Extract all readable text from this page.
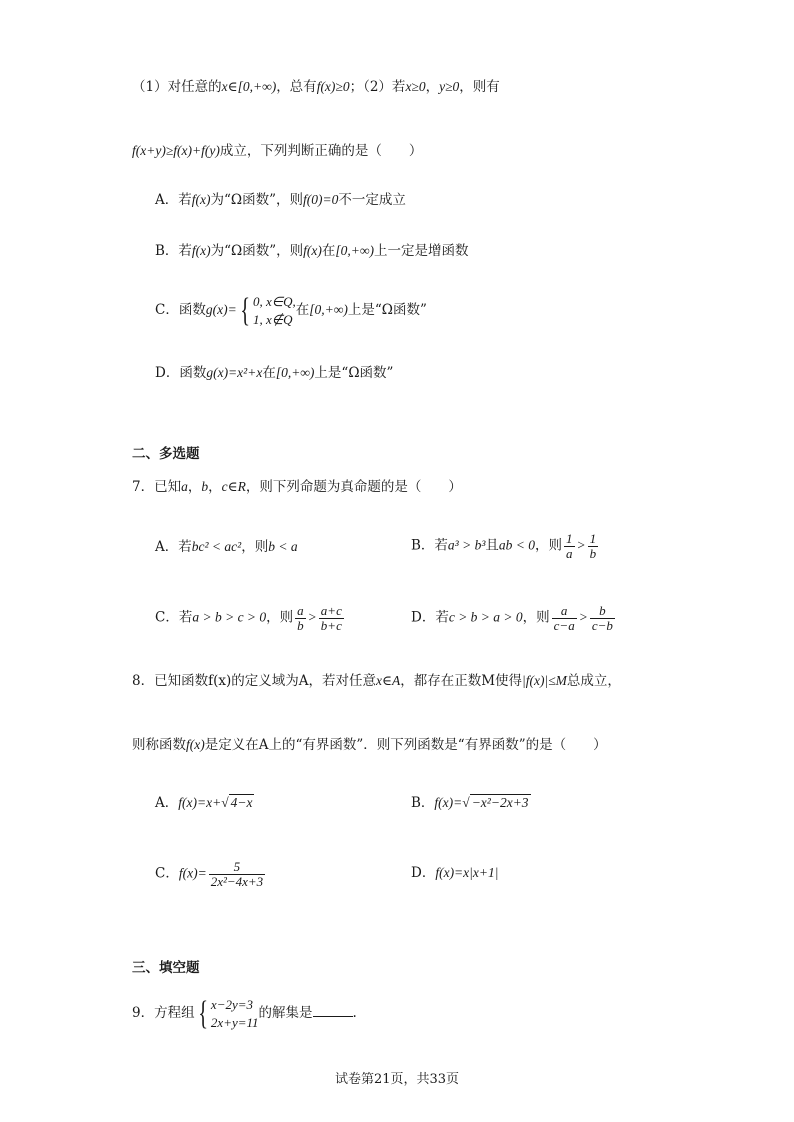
（1）对任意的x∈[0,+∞)，总有f(x)≥0；（2）若x≥0，y≥0，则有
f(x+y)≥f(x)+f(y)成立，下列判断正确的是（　　）
A．若f(x)为“Ω函数”，则f(0)=0不一定成立
B．若f(x)为“Ω函数”，则f(x)在[0,+∞)上一定是增函数
C．函数g(x)={ 0, x∈Q,
1, x∉Q
在[0,+∞)上是“Ω函数”
D．函数g(x)=x²+x在[0,+∞)上是“Ω函数”
二、多选题
7．已知a，b，c∈R，则下列命题为真命题的是（　　）
A．若bc² < ac²，则b < a	B．若a³ > b³且ab < 0，则 $\frac{1}{a} > \frac{1}{b}$
C．若a > b > c > 0，则 $\frac{a}{b} > \frac{a+c}{b+c}$	D．若c > b > a > 0，则 $\frac{a}{c-a} > \frac{b}{c-b}$
8．已知函数f(x)的定义域为A，若对任意x∈A，都存在正数M使得|f(x)|≤M总成立，
则称函数f(x)是定义在A上的“有界函数”．则下列函数是“有界函数”的是（　　）
A．f(x)=x+√ 4−x	B．f(x)=√ −x²−2x+3
C．$f(x)= \frac{5}{\text{2x²−4x+3}}$	D．f(x)=x|x+1|
三、填空题
9．方程组{ x−2y=3
2x+y=11
的解集是	.
试卷第21页，共33页
